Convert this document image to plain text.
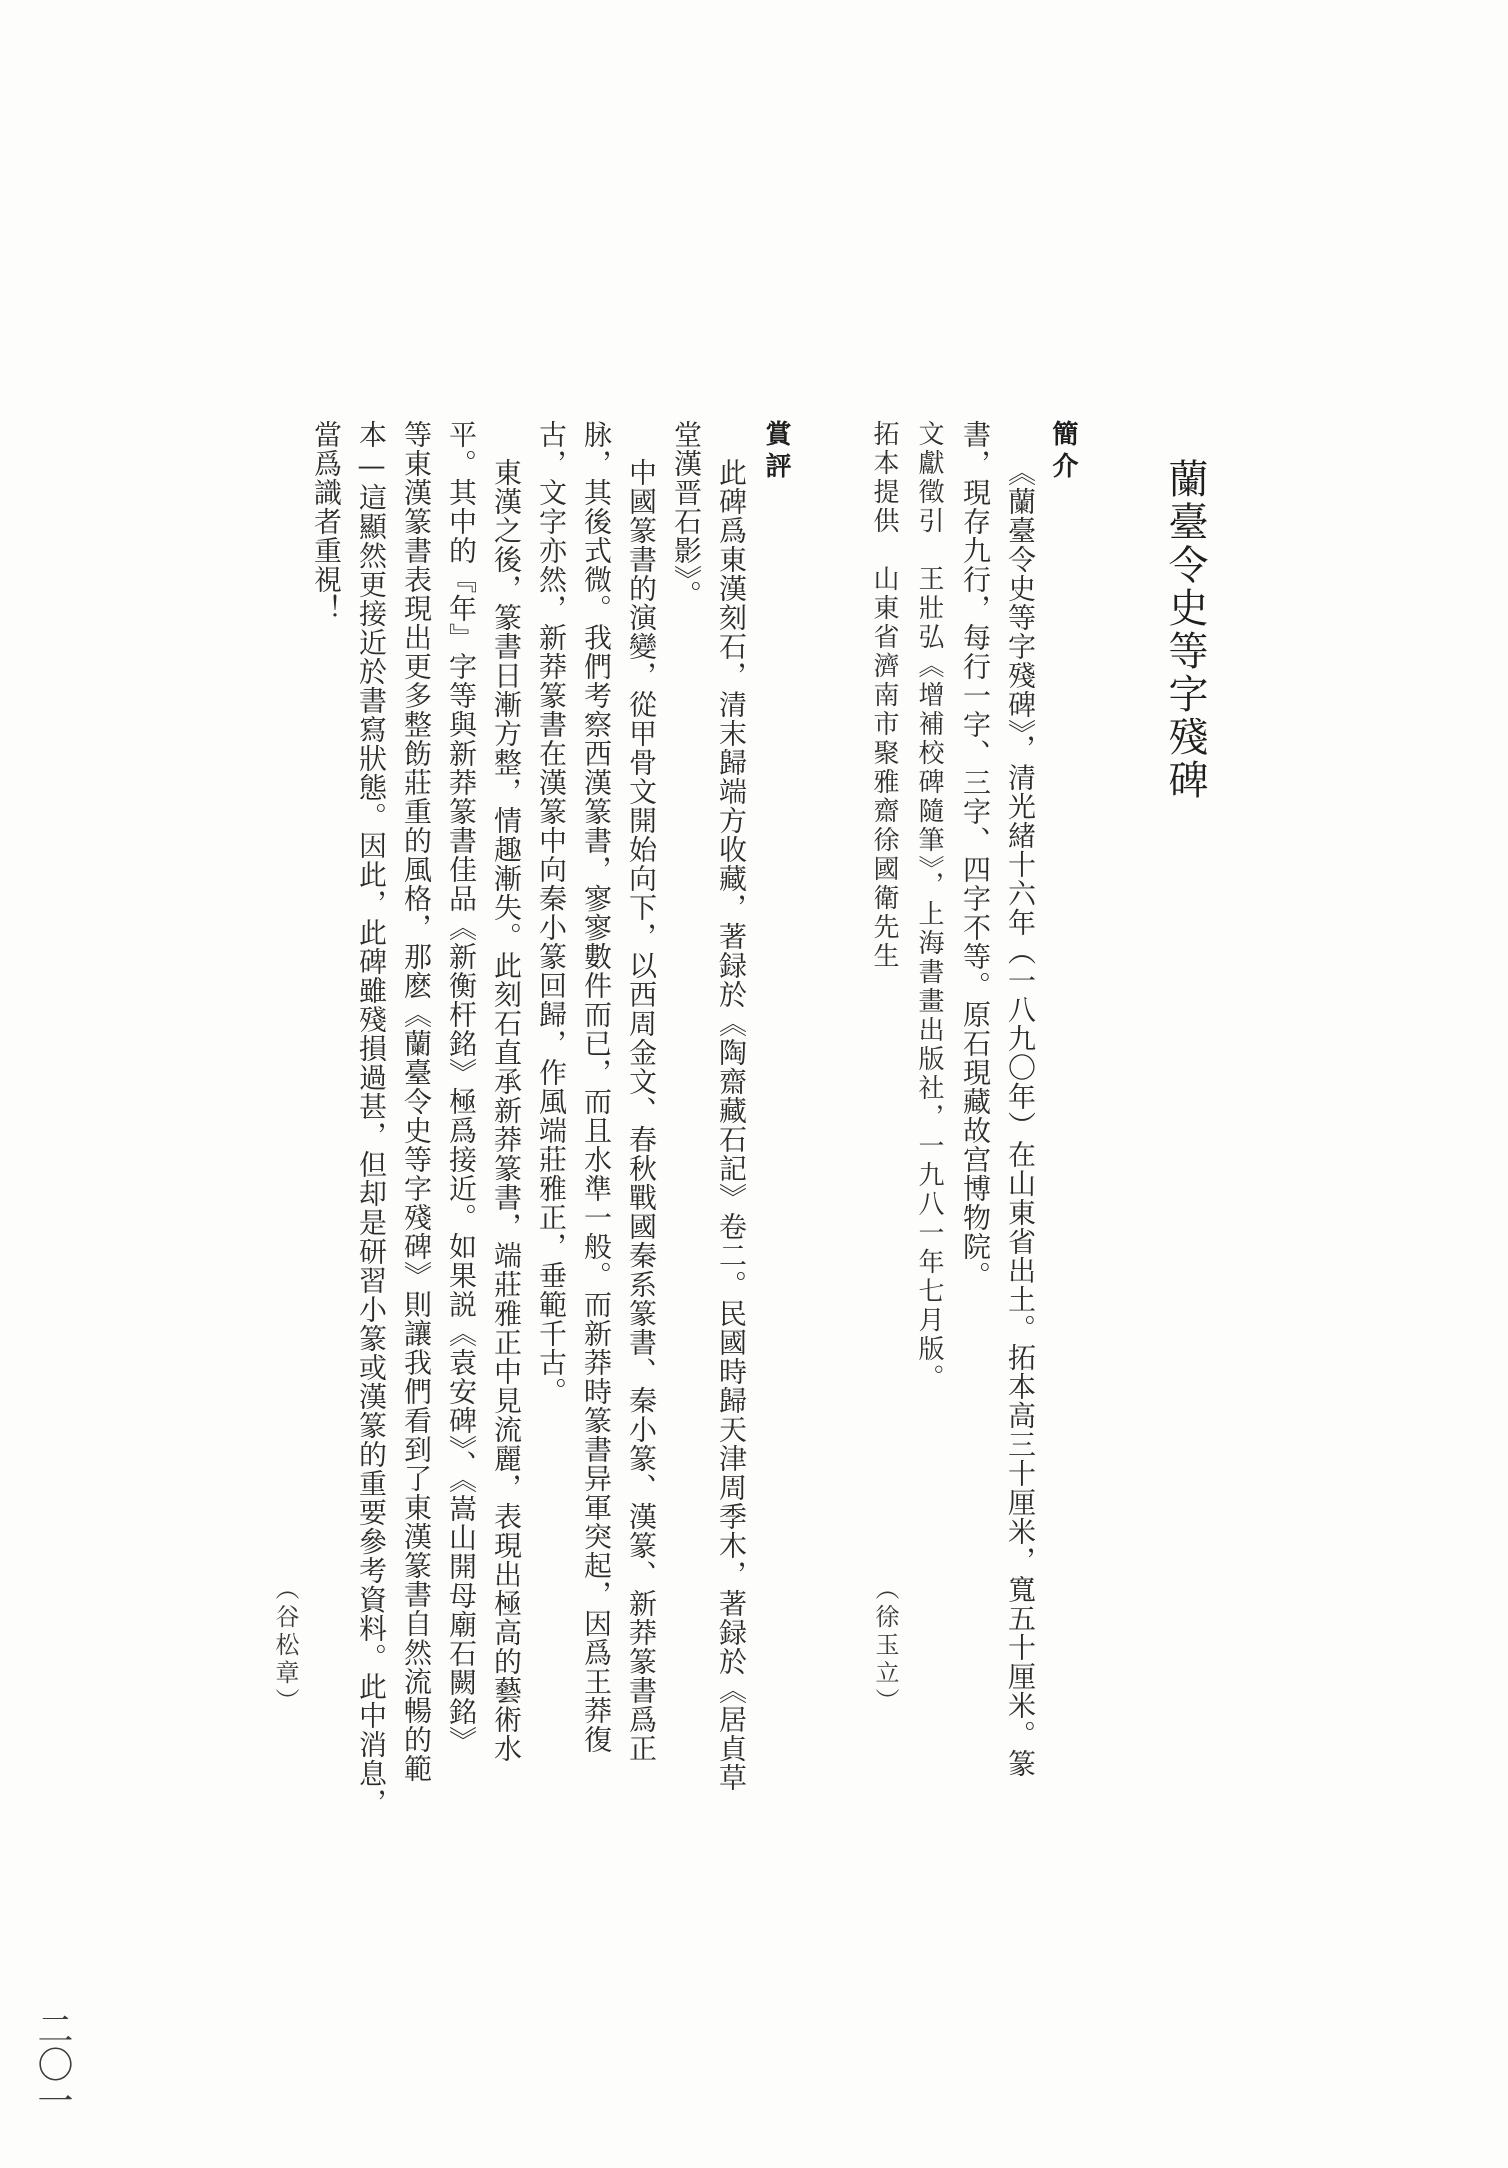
蘭臺令史等字殘碑
簡介
《蘭臺令史等字殘碑》，清光緒十六年（一八九〇年）在山東省出土。拓本高三十厘米，寬五十厘米。篆
書，現存九行，每行一字、三字、四字不等。原石現藏故宫博物院。
文獻徵引　王壯弘《增補校碑隨筆》，上海書畫出版社，一九八一年七月版。
拓本提供　山東省濟南市聚雅齋徐國衛先生
（徐玉立）
賞評
此碑爲東漢刻石，清末歸端方收藏，著録於《陶齋藏石記》卷二。民國時歸天津周季木，著録於《居貞草
堂漢晋石影》。
中國篆書的演變，從甲骨文開始向下，以西周金文、春秋戰國秦系篆書、秦小篆、漢篆、新莽篆書爲正
脉，其後式微。我們考察西漢篆書，寥寥數件而已，而且水準一般。而新莽時篆書异軍突起，因爲王莽復
古，文字亦然，新莽篆書在漢篆中向秦小篆回歸，作風端莊雅正，垂範千古。
東漢之後，篆書日漸方整，情趣漸失。此刻石直承新莽篆書，端莊雅正中見流麗，表現出極高的藝術水
平。其中的『年』字等與新莽篆書佳品《新衡杆銘》極爲接近。如果説《袁安碑》、《嵩山開母廟石闕銘》
等東漢篆書表現出更多整飭莊重的風格，那麽《蘭臺令史等字殘碑》則讓我們看到了東漢篆書自然流暢的範
本—這顯然更接近於書寫狀態。因此，此碑雖殘損過甚，但却是研習小篆或漢篆的重要參考資料。此中消息，
當爲識者重視！
（谷松章）
二〇一
